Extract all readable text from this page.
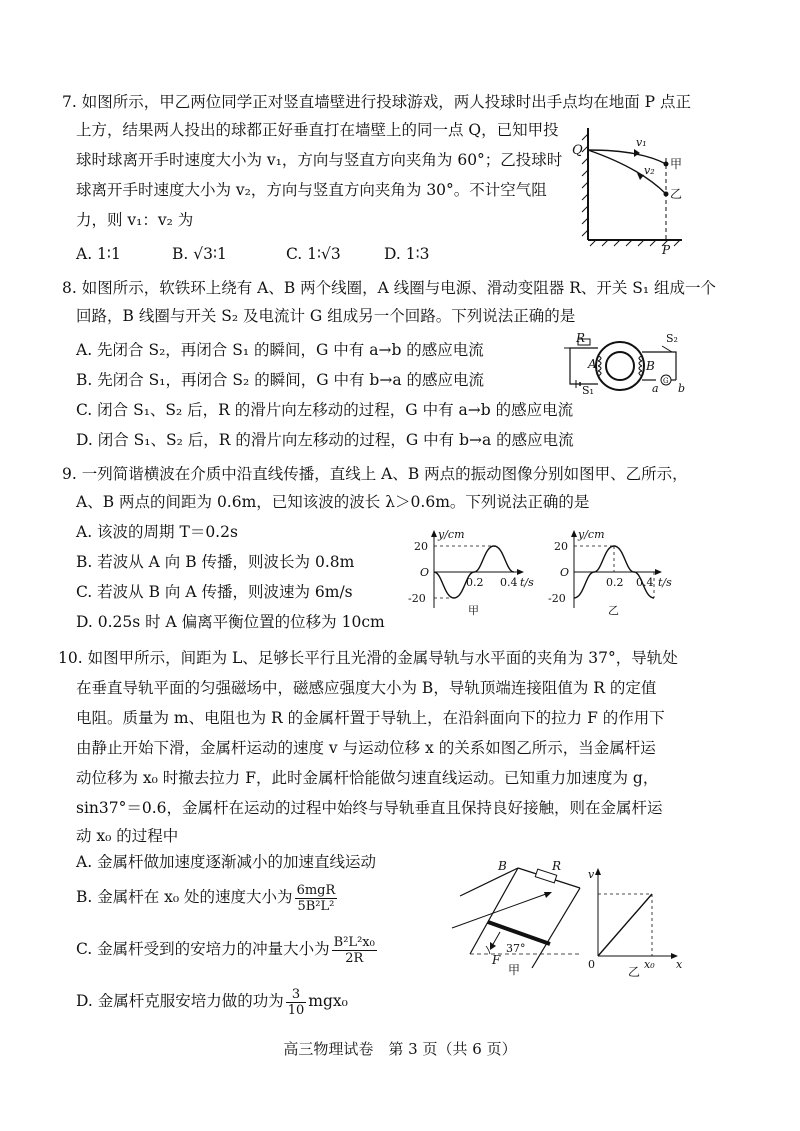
7. 如图所示，甲乙两位同学正对竖直墙壁进行投球游戏，两人投球时出手点均在地面 P 点正
上方，结果两人投出的球都正好垂直打在墙壁上的同一点 Q，已知甲投
球时球离开手时速度大小为 v₁，方向与竖直方向夹角为 60°；乙投球时
球离开手时速度大小为 v₂，方向与竖直方向夹角为 30°。不计空气阻
力，则 v₁：v₂ 为
A. 1∶1	B. √3∶1	C. 1∶√3	D. 1∶3
Q
v₁
v₂ 甲
乙
P
8. 如图所示，软铁环上绕有 A、B 两个线圈，A 线圈与电源、滑动变阻器 R、开关 S₁ 组成一个
回路，B 线圈与开关 S₂ 及电流计 G 组成另一个回路。下列说法正确的是
A. 先闭合 S₂，再闭合 S₁ 的瞬间，G 中有 a→b 的感应电流
B. 先闭合 S₁，再闭合 S₂ 的瞬间，G 中有 b→a 的感应电流
C. 闭合 S₁、S₂ 后，R 的滑片向左移动的过程，G 中有 a→b 的感应电流
D. 闭合 S₁、S₂ 后，R 的滑片向左移动的过程，G 中有 b→a 的感应电流
G
R
A	B
S₂
S₁	a b
9. 一列简谐横波在介质中沿直线传播，直线上 A、B 两点的振动图像分别如图甲、乙所示，
A、B 两点的间距为 0.6m，已知该波的波长 λ＞0.6m。下列说法正确的是
A. 该波的周期 T＝0.2s
B. 若波从 A 向 B 传播，则波长为 0.8m
C. 若波从 B 向 A 传播，则波速为 6m/s
D. 0.25s 时 A 偏离平衡位置的位移为 10cm
y/cm
t/s
O
20
-20
0.2 0.4
甲
y/cm
t/s
O
20
-20
0.2 0.4
乙
10. 如图甲所示，间距为 L、足够长平行且光滑的金属导轨与水平面的夹角为 37°，导轨处
在垂直导轨平面的匀强磁场中，磁感应强度大小为 B，导轨顶端连接阻值为 R 的定值
电阻。质量为 m、电阻也为 R 的金属杆置于导轨上，在沿斜面向下的拉力 F 的作用下
由静止开始下滑，金属杆运动的速度 v 与运动位移 x 的关系如图乙所示，当金属杆运
动位移为 x₀ 时撤去拉力 F，此时金属杆恰能做匀速直线运动。已知重力加速度为 g，
sin37°＝0.6，金属杆在运动的过程中始终与导轨垂直且保持良好接触，则在金属杆运
动 x₀ 的过程中
A. 金属杆做加速度逐渐减小的加速直线运动
B. 金属杆在 x₀ 处的速度大小为 $\frac{\text{6mgR}}{\text{5B²L²}}$
C. 金属杆受到的安培力的冲量大小为 $\frac{\text{B²L²x₀}}{2R}$
D. 金属杆克服安培力做的功为 $\frac{3}{10} mgx_0$
B	R
F
37°
甲
v
x
0	x₀
乙
高三物理试卷　第 3 页（共 6 页）
